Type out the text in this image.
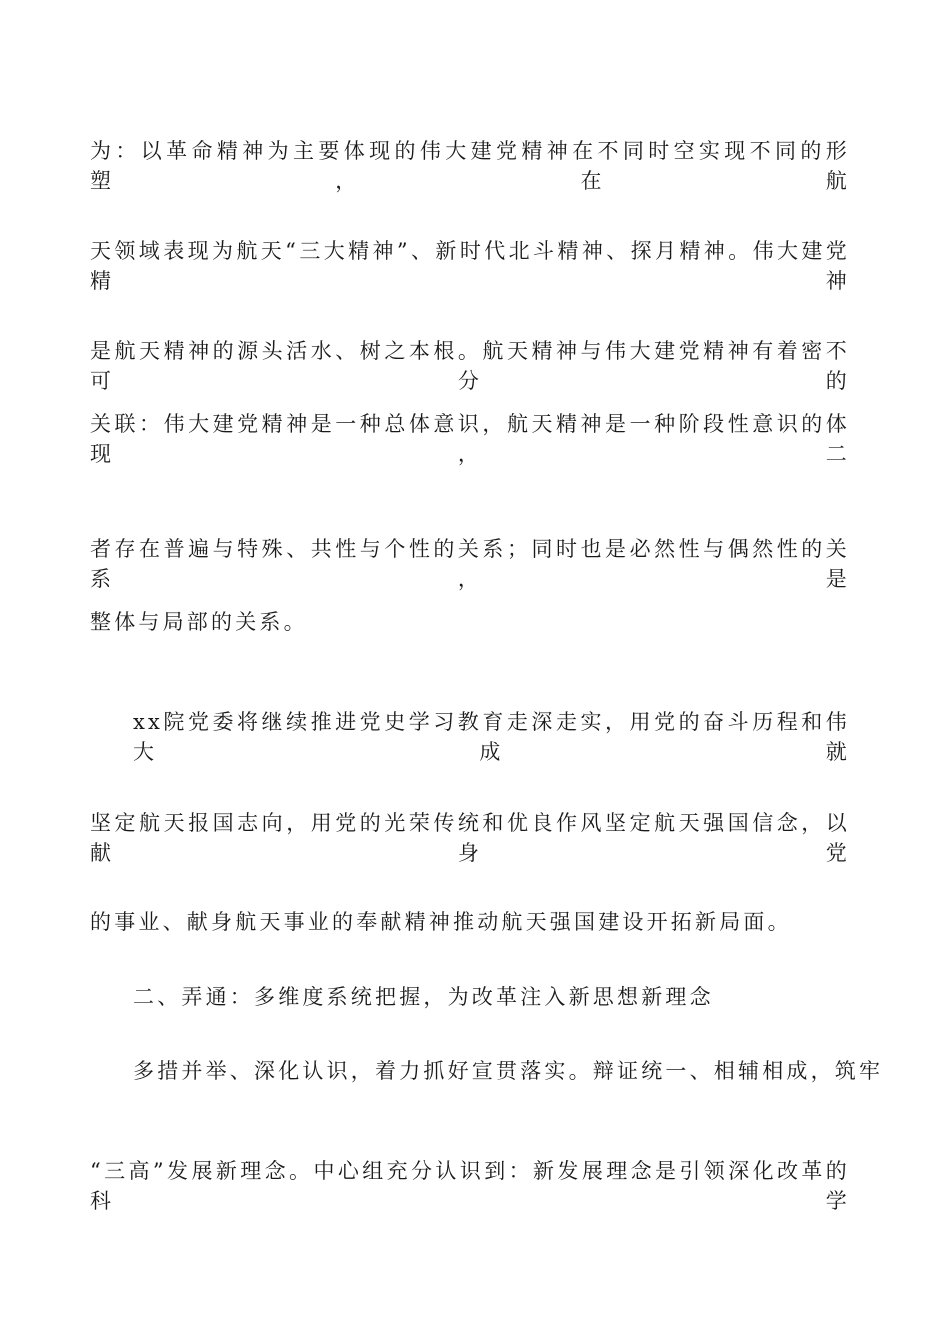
为：以革命精神为主要体现的伟大建党精神在不同时空实现不同的形塑，在航
天领域表现为航天“三大精神”、新时代北斗精神、探月精神。伟大建党精神
是航天精神的源头活水、树之本根。航天精神与伟大建党精神有着密不可分的
关联：伟大建党精神是一种总体意识，航天精神是一种阶段性意识的体现，二
者存在普遍与特殊、共性与个性的关系；同时也是必然性与偶然性的关系，是
整体与局部的关系。
xx院党委将继续推进党史学习教育走深走实，用党的奋斗历程和伟大成就
坚定航天报国志向，用党的光荣传统和优良作风坚定航天强国信念，以献身党
的事业、献身航天事业的奉献精神推动航天强国建设开拓新局面。
二、弄通：多维度系统把握，为改革注入新思想新理念
多措并举、深化认识，着力抓好宣贯落实。辩证统一、相辅相成，筑牢
“三高”发展新理念。中心组充分认识到：新发展理念是引领深化改革的科学
